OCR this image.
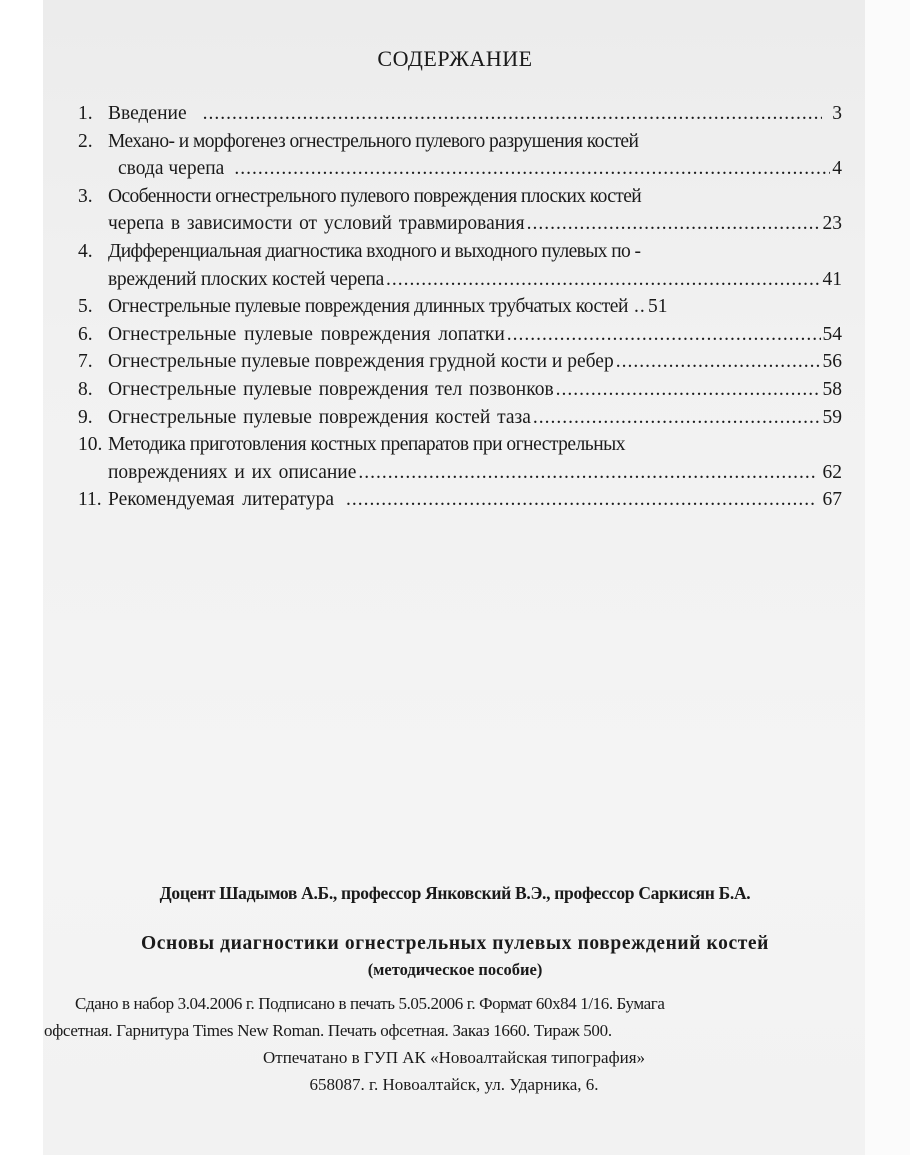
СОДЕРЖАНИЕ
1. Введение .....	3
2. Механо- и морфогенез огнестрельного пулевого разрушения костей
свода черепа .....	4
3. Особенности огнестрельного пулевого повреждения плоских костей
черепа в зависимости от условий травмирования .....	23
4. Дифференциальная диагностика входного и выходного пулевых по -
вреждений плоских костей черепа .....	41
5. Огнестрельные пулевые повреждения длинных трубчатых костей ..... 51
6. Огнестрельные пулевые повреждения лопатки .....	54
7. Огнестрельные пулевые повреждения грудной кости и ребер .....	56
8. Огнестрельные пулевые повреждения тел позвонков .....	58
9. Огнестрельные пулевые повреждения костей таза .....	59
10. Методика приготовления костных препаратов при огнестрельных
повреждениях и их описание .....	62
11. Рекомендуемая литература .....	67
Доцент Шадымов А.Б., профессор Янковский В.Э., профессор Саркисян Б.А.
Основы диагностики огнестрельных пулевых повреждений костей
(методическое пособие)
Сдано в набор 3.04.2006 г. Подписано в печать 5.05.2006 г. Формат 60x84 1/16. Бумага
офсетная. Гарнитура Times New Roman. Печать офсетная. Заказ 1660. Тираж 500.
Отпечатано в ГУП АК «Новоалтайская типография»
658087. г. Новоалтайск, ул. Ударника, 6.
